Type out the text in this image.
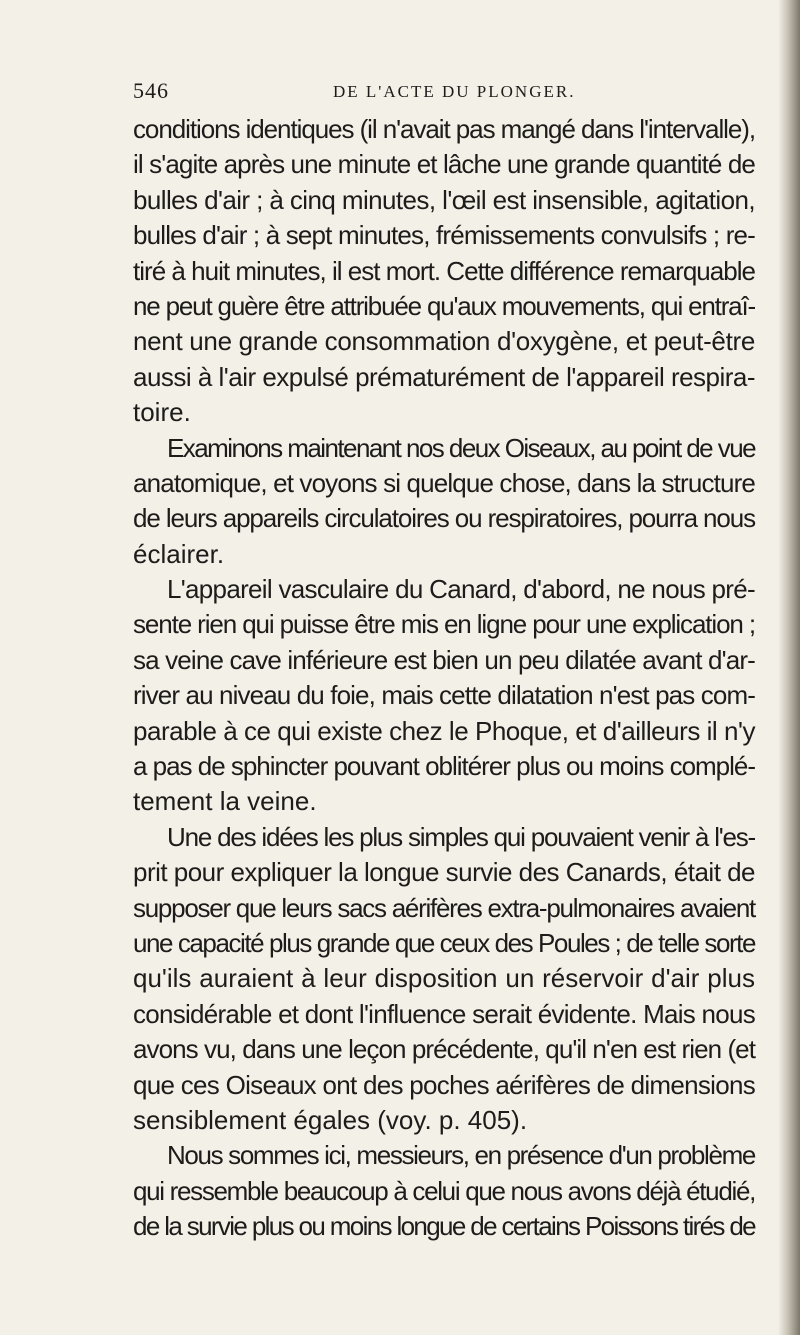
546	DE L'ACTE DU PLONGER.
conditions identiques (il n'avait pas mangé dans l'intervalle),
il s'agite après une minute et lâche une grande quantité de
bulles d'air ; à cinq minutes, l'œil est insensible, agitation,
bulles d'air ; à sept minutes, frémissements convulsifs ; re-
tiré à huit minutes, il est mort. Cette différence remarquable
ne peut guère être attribuée qu'aux mouvements, qui entraî-
nent une grande consommation d'oxygène, et peut-être
aussi à l'air expulsé prématurément de l'appareil respira-
toire.
Examinons maintenant nos deux Oiseaux, au point de vue
anatomique, et voyons si quelque chose, dans la structure
de leurs appareils circulatoires ou respiratoires, pourra nous
éclairer.
L'appareil vasculaire du Canard, d'abord, ne nous pré-
sente rien qui puisse être mis en ligne pour une explication ;
sa veine cave inférieure est bien un peu dilatée avant d'ar-
river au niveau du foie, mais cette dilatation n'est pas com-
parable à ce qui existe chez le Phoque, et d'ailleurs il n'y
a pas de sphincter pouvant oblitérer plus ou moins complé-
tement la veine.
Une des idées les plus simples qui pouvaient venir à l'es-
prit pour expliquer la longue survie des Canards, était de
supposer que leurs sacs aérifères extra-pulmonaires avaient
une capacité plus grande que ceux des Poules ; de telle sorte
qu'ils auraient à leur disposition un réservoir d'air plus
considérable et dont l'influence serait évidente. Mais nous
avons vu, dans une leçon précédente, qu'il n'en est rien (et
que ces Oiseaux ont des poches aérifères de dimensions
sensiblement égales (voy. p. 405).
Nous sommes ici, messieurs, en présence d'un problème
qui ressemble beaucoup à celui que nous avons déjà étudié,
de la survie plus ou moins longue de certains Poissons tirés de
